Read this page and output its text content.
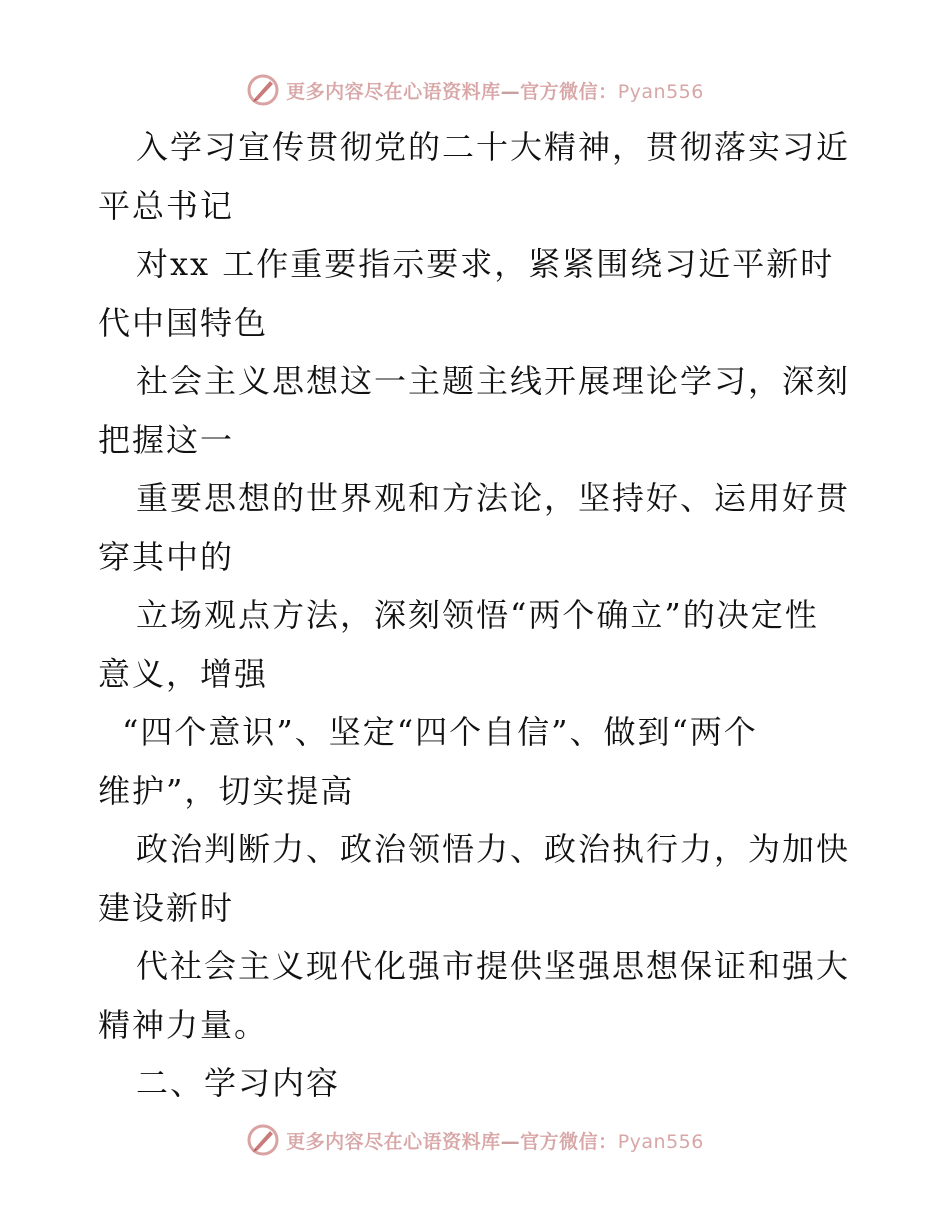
更多内容尽在心语资料库—官方微信：Pyan556
入学习宣传贯彻党的二十大精神，贯彻落实习近
平总书记
对xx 工作重要指示要求，紧紧围绕习近平新时
代中国特色
社会主义思想这一主题主线开展理论学习，深刻
把握这一
重要思想的世界观和方法论，坚持好、运用好贯
穿其中的
立场观点方法，深刻领悟“两个确立”的决定性
意义，增强
“四个意识”、坚定“四个自信”、做到“两个
维护”，切实提高
政治判断力、政治领悟力、政治执行力，为加快
建设新时
代社会主义现代化强市提供坚强思想保证和强大
精神力量。
二、学习内容
更多内容尽在心语资料库—官方微信：Pyan556
